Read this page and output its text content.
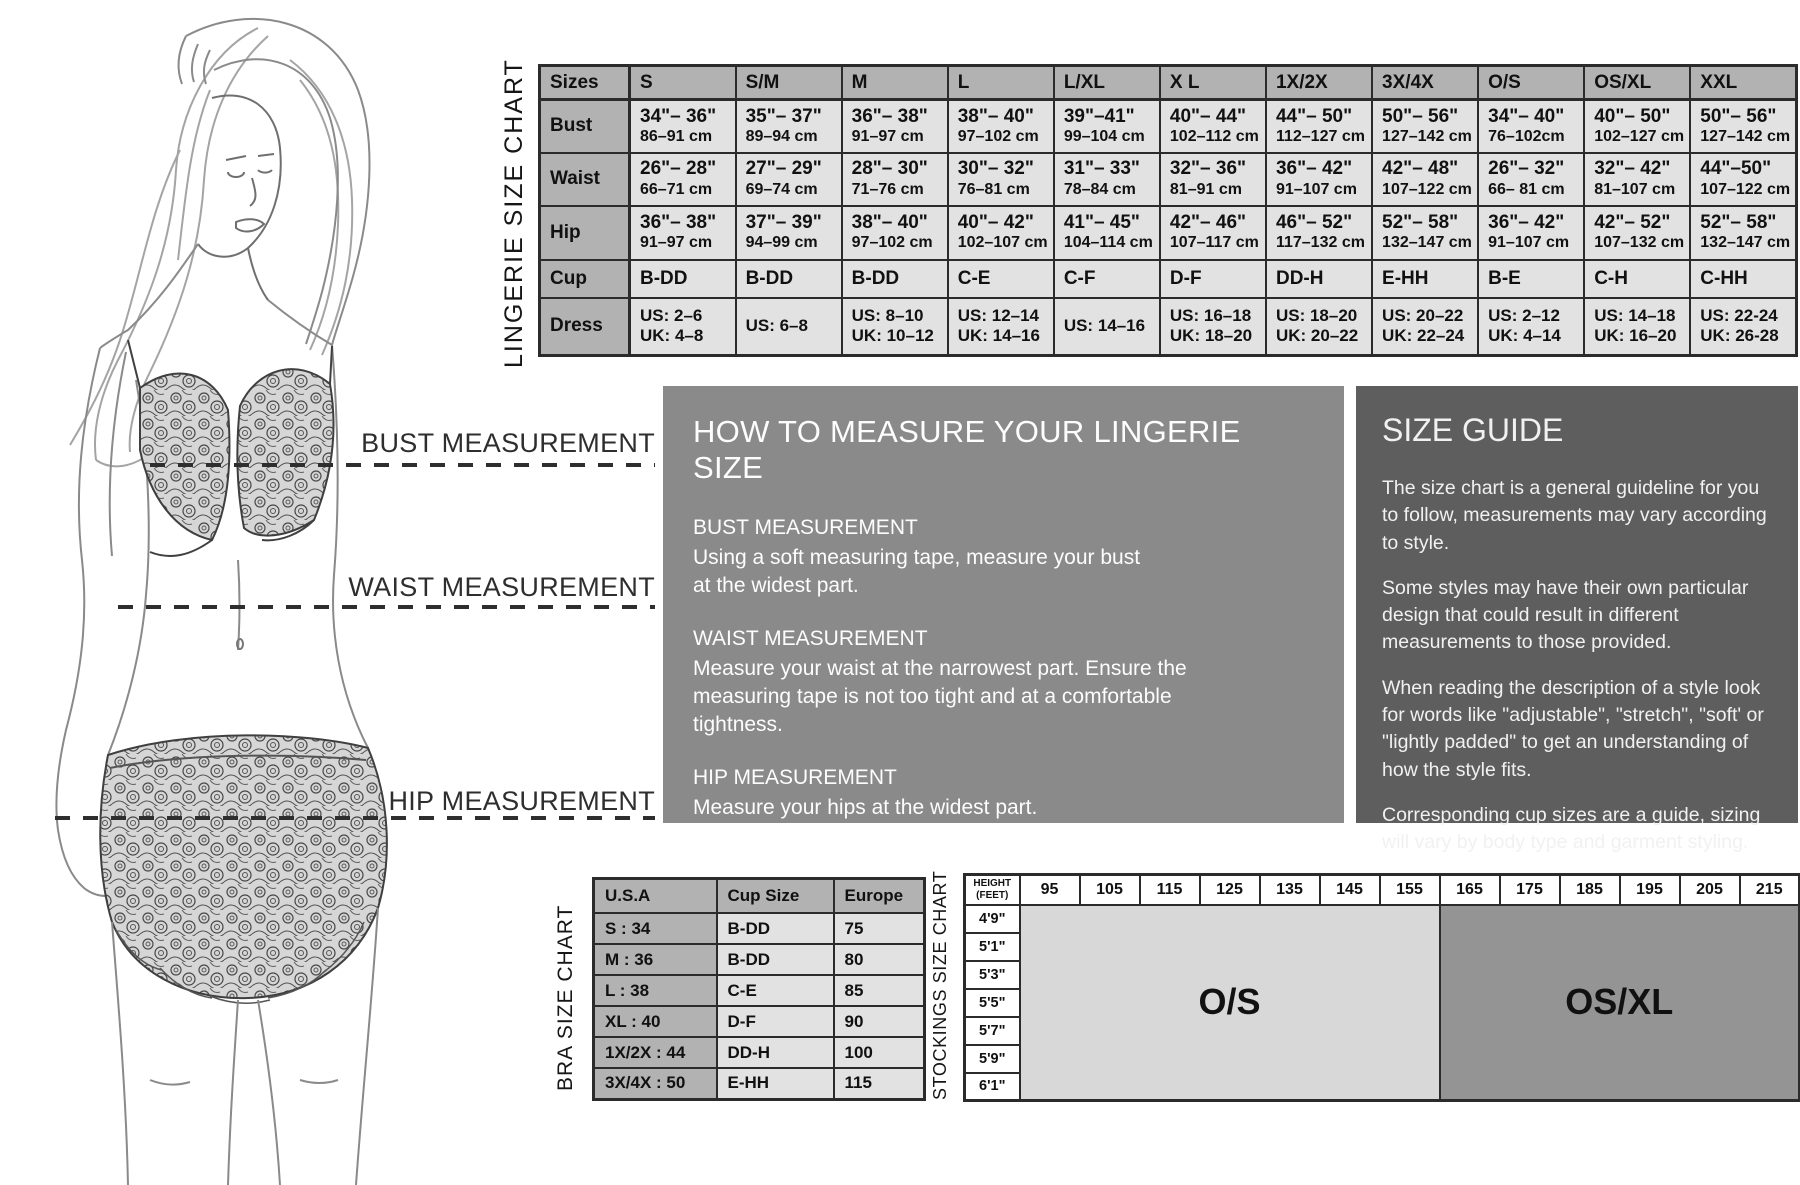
BUST MEASUREMENT
WAIST MEASUREMENT
HIP MEASUREMENT
LINGERIE SIZE CHART
BRA SIZE CHART	STOCKINGS SIZE CHART
Sizes	S	S/M	M	L	L/XL	X L	1X/2X	3X/4X	O/S	OS/XL	XXL
Bust	34"– 36"
86–91 cm

35"– 37"
89–94 cm

36"– 38"
91–97 cm

38"– 40"
97–102 cm

39"–41"
99–104 cm

40"– 44"
102–112 cm

44"– 50"
112–127 cm

50"– 56"
127–142 cm

34"– 40"
76–102cm

40"– 50"
102–127 cm

50"– 56"
127–142 cm

Waist	26"– 28"
66–71 cm

27"– 29"
69–74 cm

28"– 30"
71–76 cm

30"– 32"
76–81 cm

31"– 33"
78–84 cm

32"– 36"
81–91 cm

36"– 42"
91–107 cm

42"– 48"
107–122 cm

26"– 32"
66– 81 cm

32"– 42"
81–107 cm

44"–50"
107–122 cm

Hip	36"– 38"
91–97 cm

37"– 39"
94–99 cm

38"– 40"
97–102 cm

40"– 42"
102–107 cm

41"– 45"
104–114 cm

42"– 46"
107–117 cm

46"– 52"
117–132 cm

52"– 58"
132–147 cm

36"– 42"
91–107 cm

42"– 52"
107–132 cm

52"– 58"
132–147 cm

Cup	B-DD	B-DD	B-DD	C-E	C-F	D-F	DD-H	E-HH	B-E	C-H	C-HH
Dress	US: 2–6
UK: 4–8

US: 6–8

US: 8–10
UK: 10–12

US: 12–14
UK: 14–16

US: 14–16

US: 16–18
UK: 18–20

US: 18–20
UK: 20–22

US: 20–22
UK: 22–24

US: 2–12
UK: 4–14

US: 14–18
UK: 16–20

US: 22-24
UK: 26-28
HOW TO MEASURE YOUR LINGERIE SIZE
BUST MEASUREMENT

Using a soft measuring tape, measure your bust at the widest part.

WAIST MEASUREMENT

Measure your waist at the narrowest part. Ensure the measuring tape is not too tight and at a comfortable tightness.

HIP MEASUREMENT

Measure your hips at the widest part.

SIZE GUIDE

The size chart is a general guideline for you to follow, measurements may vary according to style.

Some styles may have their own particular design that could result in different measurements to those provided.

When reading the description of a style look for words like "adjustable", "stretch", "soft' or "lightly padded" to get an understanding of how the style fits.

Corresponding cup sizes are a guide, sizing will vary by body type and garment styling.

U.S.A	Cup Size	Europe
S : 34	B-DD	75
M : 36	B-DD	80
L : 38	C-E	85
XL : 40	D-F	90
1X/2X : 44	DD-H	100
3X/4X : 50	E-HH	115
HEIGHT
(FEET)	95	105	115	125	135	145	155	165	175	185	195	205	215
4'9"	O/S							OS/XL					
5'1"													
5'3"													
5'5"													
5'7"													
5'9"													
6'1"													
